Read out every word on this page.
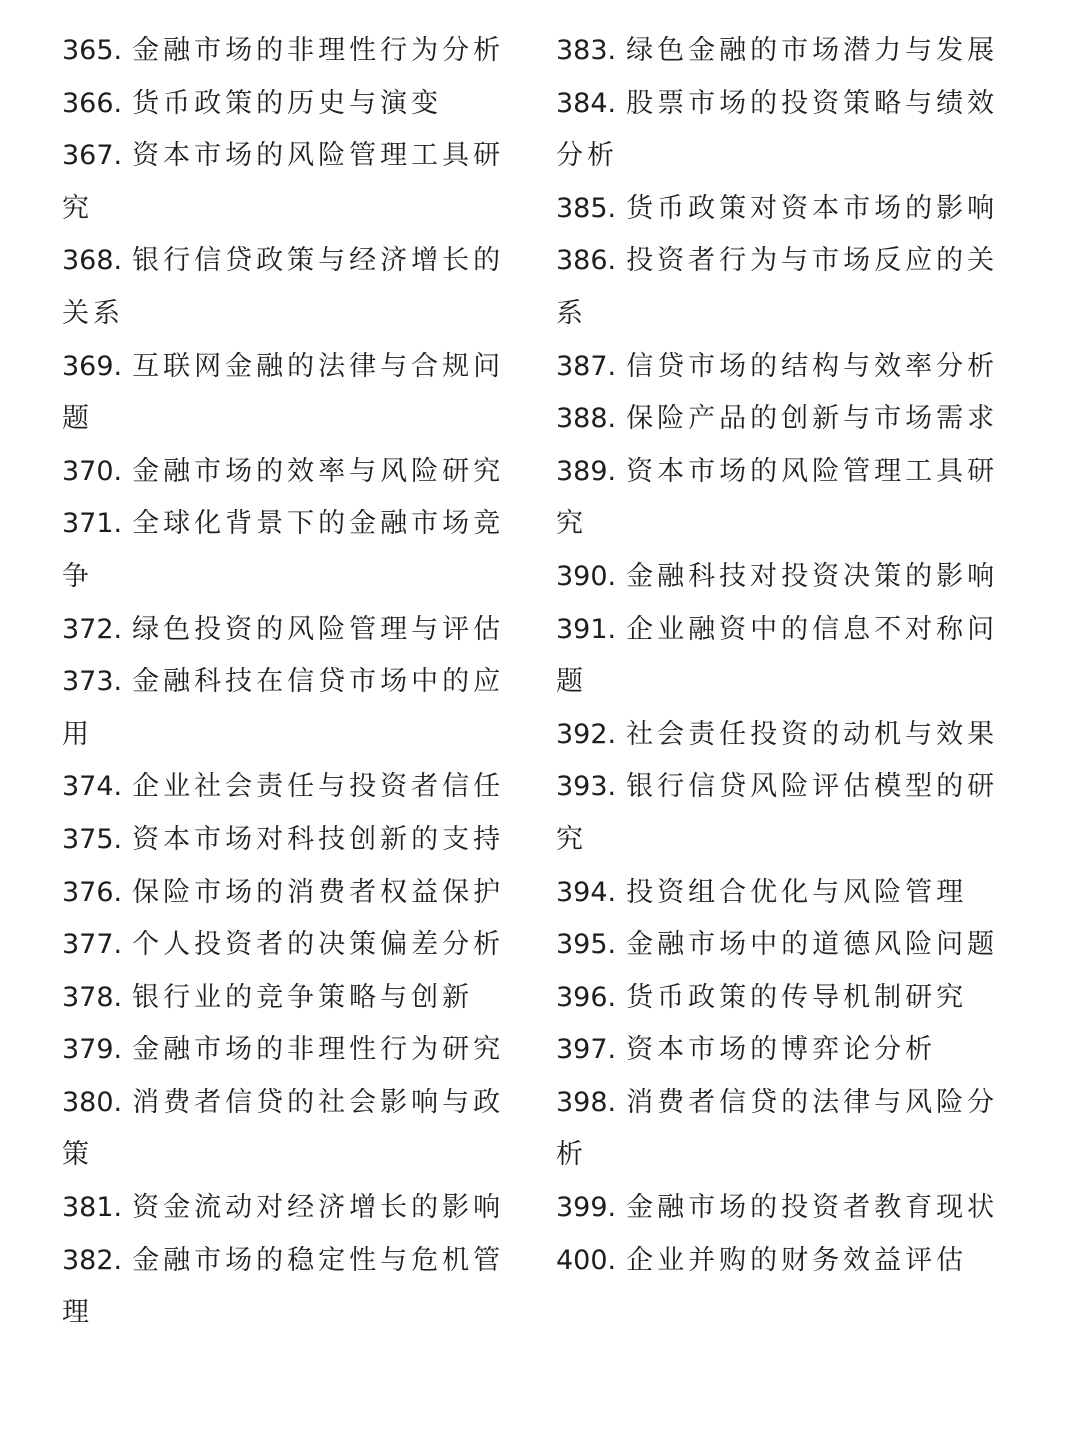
365. 金融市场的非理性行为分析
366. 货币政策的历史与演变
367. 资本市场的风险管理工具研究
368. 银行信贷政策与经济增长的关系
369. 互联网金融的法律与合规问题
370. 金融市场的效率与风险研究
371. 全球化背景下的金融市场竞争
372. 绿色投资的风险管理与评估
373. 金融科技在信贷市场中的应用
374. 企业社会责任与投资者信任
375. 资本市场对科技创新的支持
376. 保险市场的消费者权益保护
377. 个人投资者的决策偏差分析
378. 银行业的竞争策略与创新
379. 金融市场的非理性行为研究
380. 消费者信贷的社会影响与政策
381. 资金流动对经济增长的影响
382. 金融市场的稳定性与危机管理
383. 绿色金融的市场潜力与发展
384. 股票市场的投资策略与绩效分析
385. 货币政策对资本市场的影响
386. 投资者行为与市场反应的关系
387. 信贷市场的结构与效率分析
388. 保险产品的创新与市场需求
389. 资本市场的风险管理工具研究
390. 金融科技对投资决策的影响
391. 企业融资中的信息不对称问题
392. 社会责任投资的动机与效果
393. 银行信贷风险评估模型的研究
394. 投资组合优化与风险管理
395. 金融市场中的道德风险问题
396. 货币政策的传导机制研究
397. 资本市场的博弈论分析
398. 消费者信贷的法律与风险分析
399. 金融市场的投资者教育现状
400. 企业并购的财务效益评估
